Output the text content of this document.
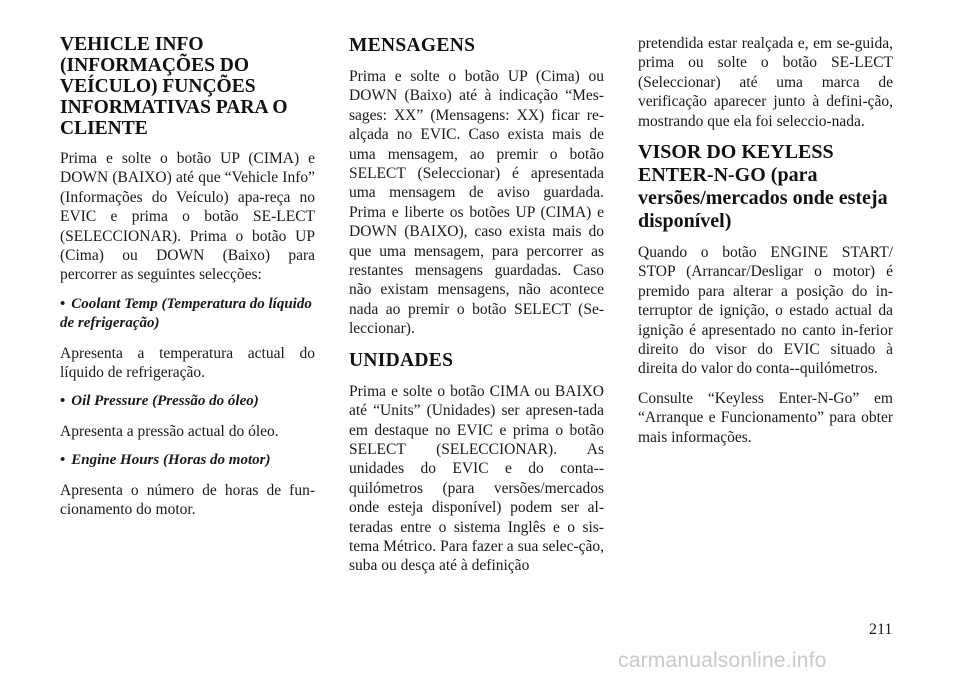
VEHICLE INFO (INFORMAÇÕES DO VEÍCULO) FUNÇÕES INFORMATIVAS PARA O CLIENTE

Prima e solte o botão UP (CIMA) e DOWN (BAIXO) até que “Vehicle Info” (Informações do Veículo) apa-reça no EVIC e prima o botão SE-LECT (SELECCIONAR). Prima o botão UP (Cima) ou DOWN (Baixo) para percorrer as seguintes selecções:

• Coolant Temp (Temperatura do líquido de refrigeração)

Apresenta a temperatura actual do líquido de refrigeração.

• Oil Pressure (Pressão do óleo)

Apresenta a pressão actual do óleo.

• Engine Hours (Horas do motor)

Apresenta o número de horas de fun-cionamento do motor.

MENSAGENS

Prima e solte o botão UP (Cima) ou DOWN (Baixo) até à indicação “Mes-sages: XX” (Mensagens: XX) ficar re-alçada no EVIC. Caso exista mais de uma mensagem, ao premir o botão SELECT (Seleccionar) é apresentada uma mensagem de aviso guardada. Prima e liberte os botões UP (CIMA) e DOWN (BAIXO), caso exista mais do que uma mensagem, para percorrer as restantes mensagens guardadas. Caso não existam mensagens, não acontece nada ao premir o botão SELECT (Se-leccionar).

UNIDADES

Prima e solte o botão CIMA ou BAIXO até “Units” (Unidades) ser apresen-tada em destaque no EVIC e prima o botão SELECT (SELECCIONAR). As unidades do EVIC e do conta--quilómetros (para versões/mercados onde esteja disponível) podem ser al-teradas entre o sistema Inglês e o sis-tema Métrico. Para fazer a sua selec-ção, suba ou desça até à definição

pretendida estar realçada e, em se-guida, prima ou solte o botão SE-LECT (Seleccionar) até uma marca de verificação aparecer junto à defini-ção, mostrando que ela foi seleccio-nada.

VISOR DO KEYLESS ENTER-N-GO (para versões/mercados onde esteja disponível)

Quando o botão ENGINE START/ STOP (Arrancar/Desligar o motor) é premido para alterar a posição do in-terruptor de ignição, o estado actual da ignição é apresentado no canto in-ferior direito do visor do EVIC situado à direita do valor do conta--quilómetros.

Consulte “Keyless Enter-N-Go” em “Arranque e Funcionamento” para obter mais informações.

211
carmanualsonline.info
